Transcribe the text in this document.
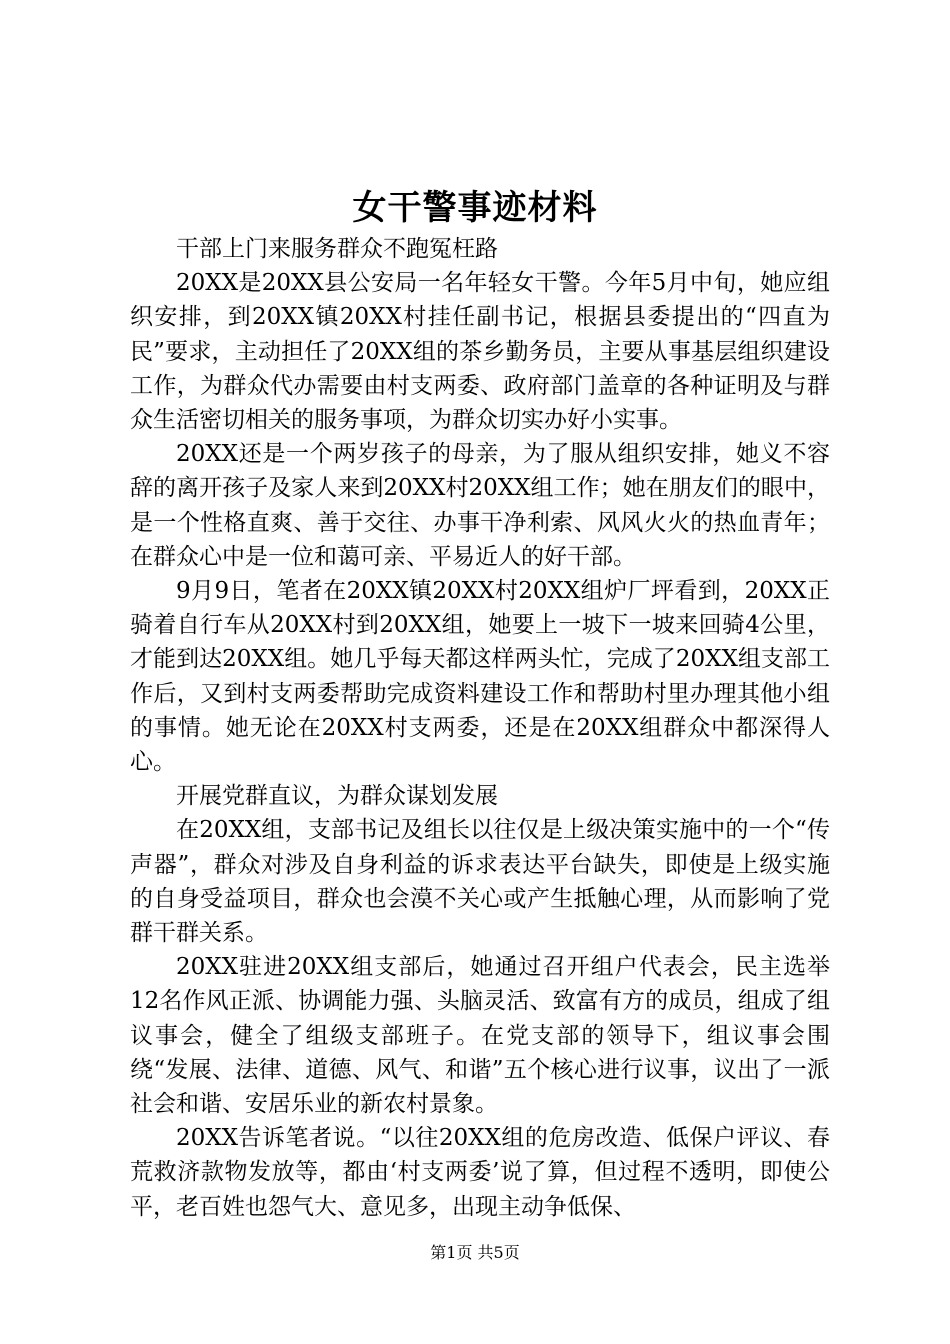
女干警事迹材料

干部上门来服务群众不跑冤枉路

20XX是20XX县公安局一名年轻女干警。今年5月中旬，她应组织安排，到20XX镇20XX村挂任副书记，根据县委提出的“四直为民”要求，主动担任了20XX组的茶乡勤务员，主要从事基层组织建设工作，为群众代办需要由村支两委、政府部门盖章的各种证明及与群众生活密切相关的服务事项，为群众切实办好小实事。

20XX还是一个两岁孩子的母亲，为了服从组织安排，她义不容辞的离开孩子及家人来到20XX村20XX组工作；她在朋友们的眼中，是一个性格直爽、善于交往、办事干净利索、风风火火的热血青年；在群众心中是一位和蔼可亲、平易近人的好干部。

9月9日，笔者在20XX镇20XX村20XX组炉厂坪看到，20XX正骑着自行车从20XX村到20XX组，她要上一坡下一坡来回骑4公里，才能到达20XX组。她几乎每天都这样两头忙，完成了20XX组支部工作后，又到村支两委帮助完成资料建设工作和帮助村里办理其他小组的事情。她无论在20XX村支两委，还是在20XX组群众中都深得人心。

开展党群直议，为群众谋划发展

在20XX组，支部书记及组长以往仅是上级决策实施中的一个“传声器”，群众对涉及自身利益的诉求表达平台缺失，即使是上级实施的自身受益项目，群众也会漠不关心或产生抵触心理，从而影响了党群干群关系。

20XX驻进20XX组支部后，她通过召开组户代表会，民主选举12名作风正派、协调能力强、头脑灵活、致富有方的成员，组成了组议事会，健全了组级支部班子。在党支部的领导下，组议事会围绕“发展、法律、道德、风气、和谐”五个核心进行议事，议出了一派社会和谐、安居乐业的新农村景象。

20XX告诉笔者说。“以往20XX组的危房改造、低保户评议、春荒救济款物发放等，都由‘村支两委’说了算，但过程不透明，即使公平，老百姓也怨气大、意见多，出现主动争低保、

第1页 共5页
